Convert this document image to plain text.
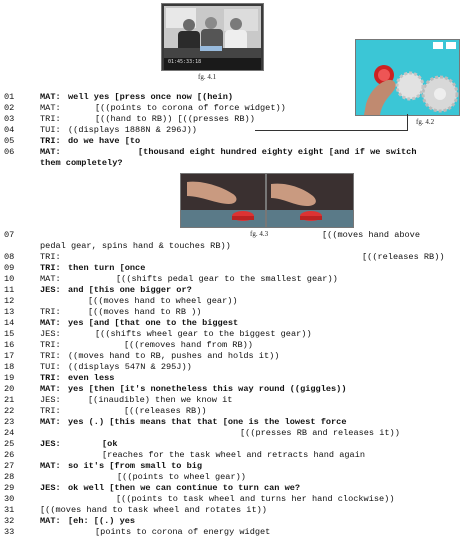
01:45:33:18
fg. 4.1
fg. 4.2
fg. 4.3
01	MAT: well yes [press once now [(hein)
02	MAT:	[((points to corona of force widget))
03	TRI:	[((hand to RB)) [((presses RB))
04	TUI: ((displays 1888N & 296J))
05	TRI: do we have [to
06	MAT:	[thousand eight hundred eighty eight [and if we switch
them completely?
07	[((moves hand above
pedal gear, spins hand & touches RB))
08	TRI:	[((releases RB))
09	TRI: then turn [once
10	MAT:	[((shifts pedal gear to the smallest gear))
11	JES: and [this one bigger or?
12	[((moves hand to wheel gear))
13	TRI:	[((moves hand to RB ))
14	MAT: yes [and [that one to the biggest
15	JES:	[((shifts wheel gear to the biggest gear))
16	TRI:	[((removes hand from RB))
17	TRI: ((moves hand to RB, pushes and holds it))
18	TUI: ((displays 547N & 295J))
19	TRI: even less
20	MAT: yes [then [it's nonetheless this way round ((giggles))
21	JES:	[(inaudible) then we know it
22	TRI:	[((releases RB))
23	MAT: yes (.) [this means that that [one is the lowest force
24	[((presses RB and releases it))
25	JES:	[ok
26	[reaches for the task wheel and retracts hand again
27	MAT: so it's [from small to big
28	[((points to wheel gear))
29	JES: ok well [then we can continue to turn can we?
30	[((points to task wheel and turns her hand clockwise))
31	[((moves hand to task wheel and rotates it))
32	MAT: [eh: [(.) yes
33	[points to corona of energy widget
